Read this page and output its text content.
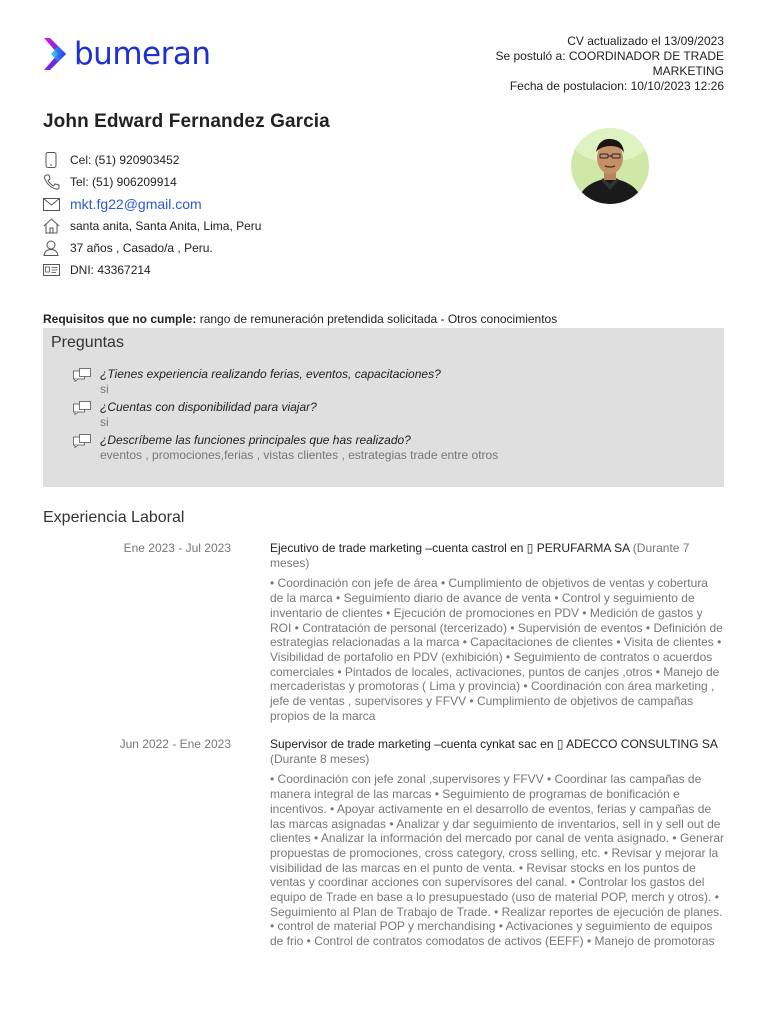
bumeran	CV actualizado el 13/09/2023
Se postuló a: COORDINADOR DE TRADE MARKETING
Fecha de postulacion: 10/10/2023 12:26
John Edward Fernandez Garcia
Cel: (51) 920903452
Tel: (51) 906209914
mkt.fg22@gmail.com
santa anita, Santa Anita, Lima, Peru
37 años , Casado/a , Peru.
DNI: 43367214
Requisitos que no cumple: rango de remuneración pretendida solicitada - Otros conocimientos
Preguntas
¿Tienes experiencia realizando ferias, eventos, capacitaciones?
si
¿Cuentas con disponibilidad para viajar?
si
¿Descríbeme las funciones principales que has realizado?
eventos , promociones,ferias , vistas clientes , estrategias trade entre otros
Experiencia Laboral
Ene 2023 - Jul 2023	Ejecutivo de trade marketing –cuenta castrol en ▯ PERUFARMA SA (Durante 7 meses)
• Coordinación con jefe de área • Cumplimiento de objetivos de ventas y cobertura de la marca • Seguimiento diario de avance de venta • Control y seguimiento de inventario de clientes • Ejecución de promociones en PDV • Medición de gastos y ROI • Contratación de personal (tercerizado) • Supervisión de eventos • Definición de estrategias relacionadas a la marca • Capacitaciones de clientes • Visita de clientes • Visibilidad de portafolio en PDV (exhibición) • Seguimiento de contratos o acuerdos comerciales • Pintados de locales, activaciones, puntos de canjes ,otros • Manejo de mercaderistas y promotoras ( Lima y provincia) • Coordinación con área marketing , jefe de ventas , supervisores y FFVV • Cumplimiento de objetivos de campañas propios de la marca
Jun 2022 - Ene 2023	Supervisor de trade marketing –cuenta cynkat sac en ▯ ADECCO CONSULTING SA (Durante 8 meses)
• Coordinación con jefe zonal ,supervisores y FFVV • Coordinar las campañas de manera integral de las marcas • Seguimiento de programas de bonificación e incentivos. • Apoyar activamente en el desarrollo de eventos, ferias y campañas de las marcas asignadas • Analizar y dar seguimiento de inventarios, sell in y sell out de clientes • Analizar la información del mercado por canal de venta asignado. • Generar propuestas de promociones, cross category, cross selling, etc. • Revisar y mejorar la visibilidad de las marcas en el punto de venta. • Revisar stocks en los puntos de ventas y coordinar acciones con supervisores del canal. • Controlar los gastos del equipo de Trade en base a lo presupuestado (uso de material POP, merch y otros). • Seguimiento al Plan de Trabajo de Trade. • Realizar reportes de ejecución de planes. • control de material POP y merchandising • Activaciones y seguimiento de equipos de frio • Control de contratos comodatos de activos (EEFF) • Manejo de promotoras
